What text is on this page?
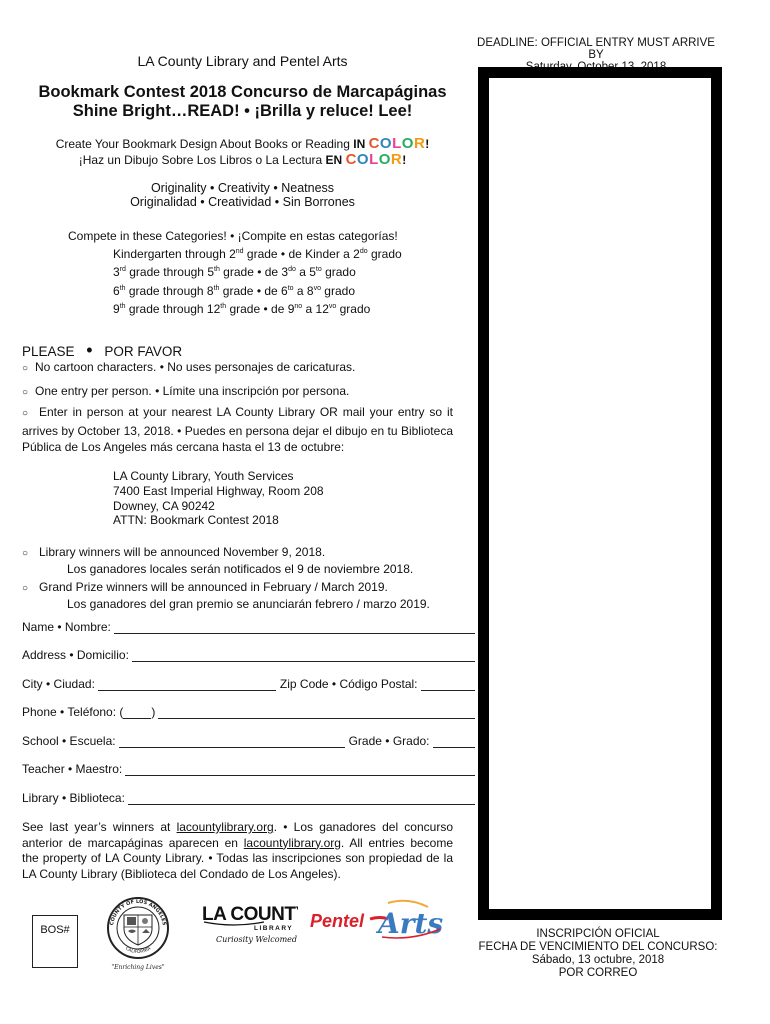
LA County Library and Pentel Arts
Bookmark Contest 2018 Concurso de Marcapáginas
Shine Bright…READ! • ¡Brilla y reluce! Lee!
DEADLINE: OFFICIAL ENTRY MUST ARRIVE BY
Saturday, October 13, 2018
Create Your Bookmark Design About Books or Reading IN COLOR!
¡Haz un Dibujo Sobre Los Libros o La Lectura EN COLOR!
Originality • Creativity • Neatness
Originalidad • Creatividad • Sin Borrones
Compete in these Categories! • ¡Compite en estas categorías!
Kindergarten through 2nd grade • de Kinder a $2^{do}$ grado
3rd grade through 5th grade • de $3^{do}$ a $5^{to}$ grado
6th grade through 8th grade • de $6^{to}$ a $8^{vo}$ grado
9th grade through 12th grade • de $9^{no}$ a $12^{vo}$ grado
PLEASE • POR FAVOR
○ No cartoon characters. • No uses personajes de caricaturas.
○ One entry per person. • Límite una inscripción por persona.
○ Enter in person at your nearest LA County Library OR mail your entry so it arrives by October 13, 2018. • Puedes en persona dejar el dibujo en tu Biblioteca Pública de Los Angeles más cercana hasta el 13 de octubre:
LA County Library, Youth Services
7400 East Imperial Highway, Room 208
Downey, CA 90242
ATTN: Bookmark Contest 2018
○ Library winners will be announced November 9, 2018.
Los ganadores locales serán notificados el 9 de noviembre 2018.
○ Grand Prize winners will be announced in February / March 2019.
Los ganadores del gran premio se anunciarán febrero / marzo 2019.
Name • Nombre:
Address • Domicilio:
City • Ciudad:	Zip Code • Código Postal:
Phone • Teléfono: ( )
School • Escuela:	Grade • Grado:
Teacher • Maestro:
Library • Biblioteca:
See last year’s winners at lacountylibrary.org. • Los ganadores del concurso anterior de marcapáginas aparecen en lacountylibrary.org. All entries become the property of LA County Library. • Todas las inscripciones son propiedad de la LA County Library (Biblioteca del Condado de Los Angeles).
BOS#
COUNTY OF LOS ANGELES
CALIFORNIA
"Enriching Lives"
LA COUNTY
LIBRARY
Curiosity Welcomed
Pentel Arts	INSCRIPCIÓN OFICIAL
FECHA DE VENCIMIENTO DEL CONCURSO:
Sábado, 13 octubre, 2018
POR CORREO
